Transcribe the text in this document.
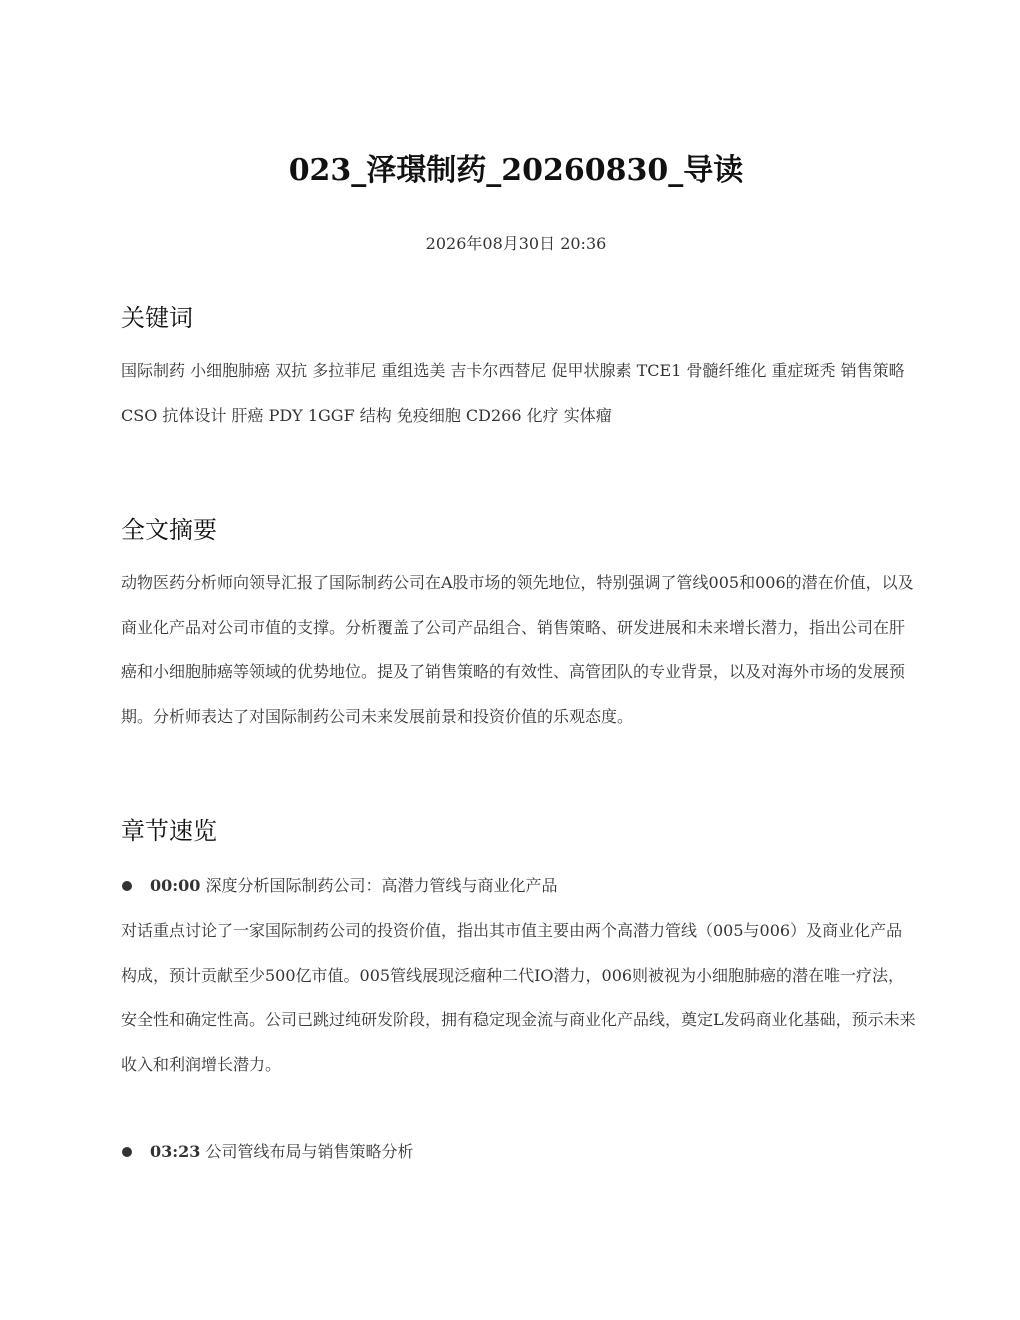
023_泽璟制药_20260830_导读
2026年08月30日 20:36
关键词

国际制药 小细胞肺癌 双抗 多拉菲尼 重组选美 吉卡尔西替尼 促甲状腺素 TCE1 骨髓纤维化 重症斑秃 销售策略 CSO 抗体设计 肝癌 PDY 1GGF 结构 免疫细胞 CD266 化疗 实体瘤

全文摘要

动物医药分析师向领导汇报了国际制药公司在A股市场的领先地位，特别强调了管线005和006的潜在价值，以及商业化产品对公司市值的支撑。分析覆盖了公司产品组合、销售策略、研发进展和未来增长潜力，指出公司在肝癌和小细胞肺癌等领域的优势地位。提及了销售策略的有效性、高管团队的专业背景，以及对海外市场的发展预期。分析师表达了对国际制药公司未来发展前景和投资价值的乐观态度。

章节速览
00:00 深度分析国际制药公司：高潜力管线与商业化产品

对话重点讨论了一家国际制药公司的投资价值，指出其市值主要由两个高潜力管线（005与006）及商业化产品构成，预计贡献至少500亿市值。005管线展现泛瘤种二代IO潜力，006则被视为小细胞肺癌的潜在唯一疗法，安全性和确定性高。公司已跳过纯研发阶段，拥有稳定现金流与商业化产品线，奠定L发码商业化基础，预示未来收入和利润增长潜力。

03:23 公司管线布局与销售策略分析
